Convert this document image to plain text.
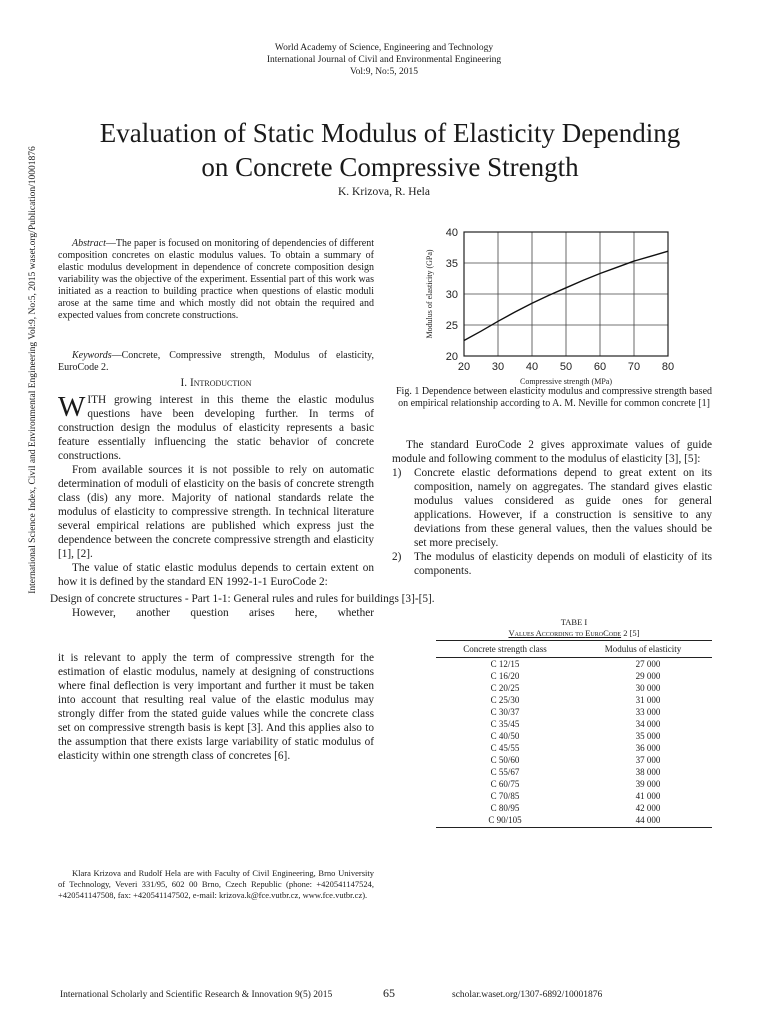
World Academy of Science, Engineering and Technology
International Journal of Civil and Environmental Engineering
Vol:9, No:5, 2015
International Science Index, Civil and Environmental Engineering Vol:9, No:5, 2015 waset.org/Publication/10001876
Evaluation of Static Modulus of Elasticity Depending
on Concrete Compressive Strength
K. Krizova, R. Hela

Abstract—The paper is focused on monitoring of dependencies of different composition concretes on elastic modulus values. To obtain a summary of elastic modulus development in dependence of concrete composition design variability was the objective of the experiment. Essential part of this work was initiated as a reaction to building practice when questions of elastic moduli arose at the same time and which mostly did not obtain the required and expected values from concrete constructions.

Keywords—Concrete, Compressive strength, Modulus of elasticity, EuroCode 2.

I. Introduction

WITH growing interest in this theme the elastic modulus questions have been developing further. In terms of construction design the modulus of elasticity represents a basic feature essentially influencing the static behavior of concrete constructions.

From available sources it is not possible to rely on automatic determination of moduli of elasticity on the basis of concrete strength class (dis) any more. Majority of national standards relate the modulus of elasticity to compressive strength. In technical literature several empirical relations are published which express just the dependence between the concrete compressive strength and elasticity [1], [2].

The value of static elastic modulus depends to certain extent on how it is defined by the standard EN 1992-1-1 EuroCode 2:

Design of concrete structures - Part 1-1: General rules and rules for buildings [3]-[5].

However, another question arises here, whether

it is relevant to apply the term of compressive strength for the estimation of elastic modulus, namely at designing of constructions where final deflection is very important and further it must be taken into account that resulting real value of the elastic modulus may strongly differ from the stated guide values while the concrete class set on compressive strength basis is kept [3]. And this applies also to the assumption that there exists large variability of static modulus of elasticity within one strength class of concretes [6].
20 30 40 50 60 70 80
20
25
30
35
40
Compressive strength (MPa)
Modulus of elasticity (GPa)
Fig. 1 Dependence between elasticity modulus and compressive strength based on empirical relationship according to A. M. Neville for common concrete [1]

The standard EuroCode 2 gives approximate values of guide module and following comment to the modulus of elasticity [3], [5]:

1) Concrete elastic deformations depend to great extent on its composition, namely on aggregates. The standard gives elastic modulus values considered as guide ones for general applications. However, if a construction is sensitive to any deviations from these general values, then the values should be set more precisely.
2) The modulus of elasticity depends on moduli of elasticity of its components.
TABE I
Values According to EuroCode 2 [5]
Concrete strength class	Modulus of elasticity
C 12/15	27 000
C 16/20	29 000
C 20/25	30 000
C 25/30	31 000
C 30/37	33 000
C 35/45	34 000
C 40/50	35 000
C 45/55	36 000
C 50/60	37 000
C 55/67	38 000
C 60/75	39 000
C 70/85	41 000
C 80/95	42 000
C 90/105	44 000

Klara Krizova and Rudolf Hela are with Faculty of Civil Engineering, Brno University of Technology, Veveri 331/95, 602 00 Brno, Czech Republic (phone: +420541147524, +420541147508, fax: +420541147502, e-mail: krizova.k@fce.vutbr.cz, www.fce.vutbr.cz).

International Scholarly and Scientific Research & Innovation 9(5) 2015	65	scholar.waset.org/1307-6892/10001876
